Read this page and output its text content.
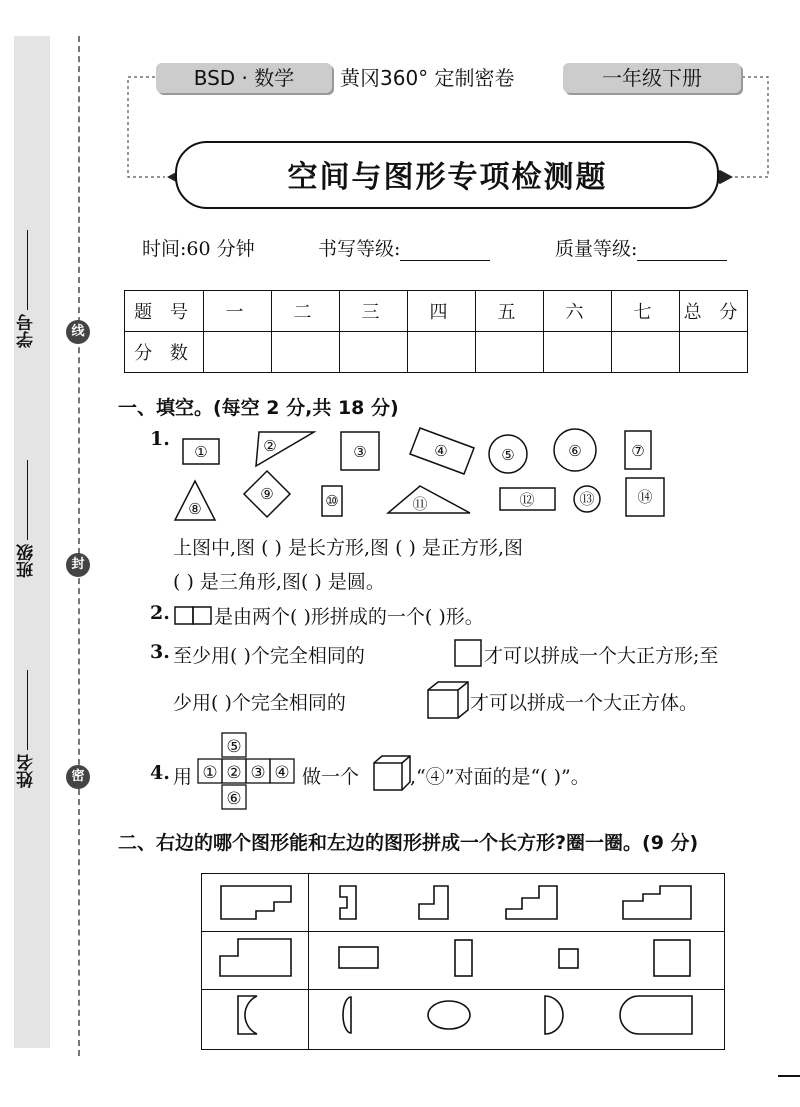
学号
班级
姓名
线
封
密
BSD · 数学	黄冈360° 定制密卷	一年级下册
空间与图形专项检测题
时间:60 分钟	书写等级:	质量等级:
题 号	一	二	三	四	五	六	七	总 分
分 数								
一、填空。(每空 2 分,共 18 分)
1.
①	②	③	④	⑤	⑥	⑦
⑧
⑨	⑩	⑪	⑫	⑬	⑭
上图中,图 ( ) 是长方形,图 ( ) 是正方形,图
( ) 是三角形,图( ) 是圆。
2. 是由两个( )形拼成的一个( )形。
3. 至少用( )个完全相同的	才可以拼成一个大正方形;至
少用( )个完全相同的	才可以拼成一个大正方体。
4. 用
⑤
① ② ③ ④
⑥
做一个	,“④”对面的是“( )”。
二、右边的哪个图形能和左边的图形拼成一个长方形?圈一圈。(9 分)
